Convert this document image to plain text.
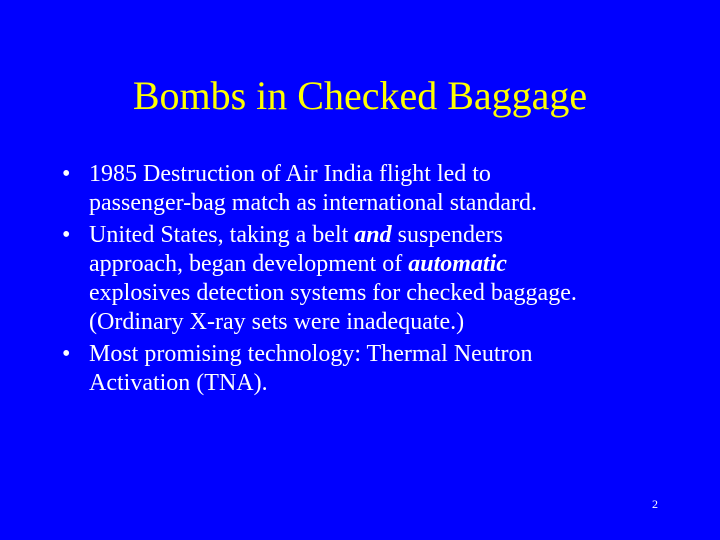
Bombs in Checked Baggage
• 1985 Destruction of Air India flight led to
passenger-bag match as international standard.
• United States, taking a belt and suspenders
approach, began development of automatic
explosives detection systems for checked baggage.
(Ordinary X-ray sets were inadequate.)
• Most promising technology: Thermal Neutron
Activation (TNA).
2
